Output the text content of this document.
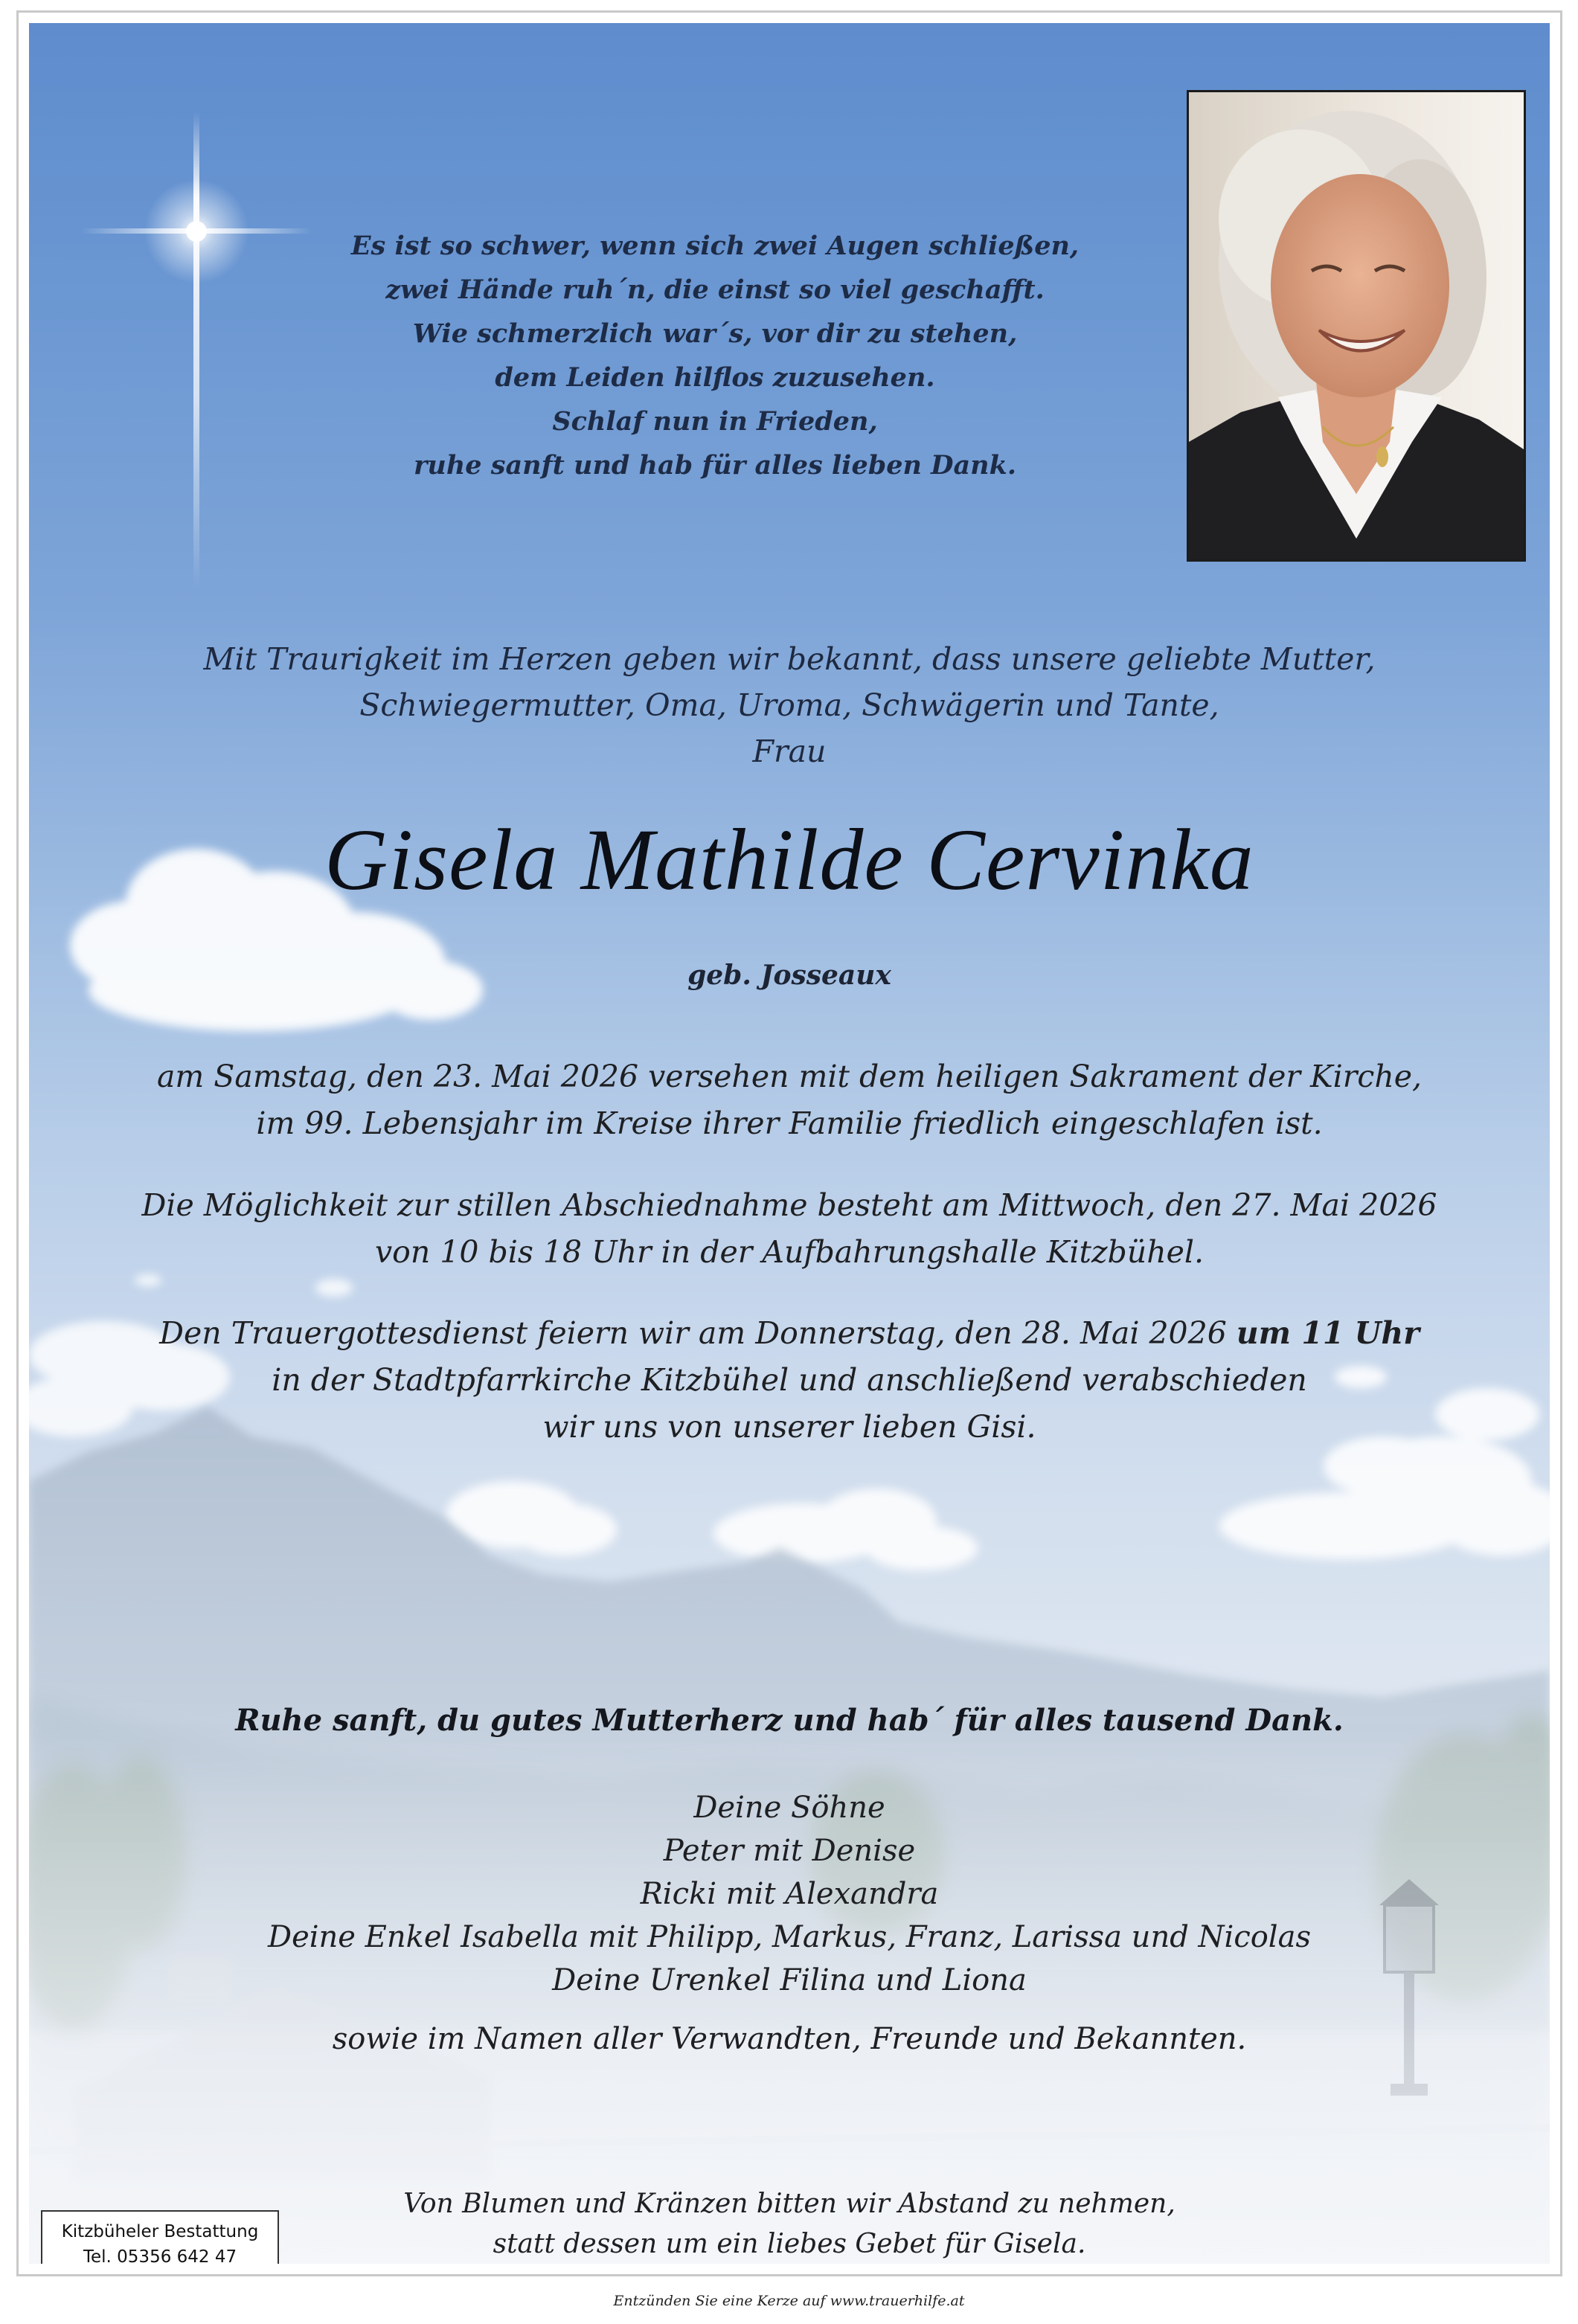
Es ist so schwer, wenn sich zwei Augen schließen,
zwei Hände ruh´n, die einst so viel geschafft.
Wie schmerzlich war´s, vor dir zu stehen,
dem Leiden hilflos zuzusehen.
Schlaf nun in Frieden,
ruhe sanft und hab für alles lieben Dank.
Mit Traurigkeit im Herzen geben wir bekannt, dass unsere geliebte Mutter,
Schwiegermutter, Oma, Uroma, Schwägerin und Tante,
Frau
Gisela Mathilde Cervinka
geb. Josseaux
am Samstag, den 23. Mai 2026 versehen mit dem heiligen Sakrament der Kirche,
im 99. Lebensjahr im Kreise ihrer Familie friedlich eingeschlafen ist.
Die Möglichkeit zur stillen Abschiednahme besteht am Mittwoch, den 27. Mai 2026
von 10 bis 18 Uhr in der Aufbahrungshalle Kitzbühel.
Den Trauergottesdienst feiern wir am Donnerstag, den 28. Mai 2026 um 11 Uhr
in der Stadtpfarrkirche Kitzbühel und anschließend verabschieden
wir uns von unserer lieben Gisi.
Ruhe sanft, du gutes Mutterherz und hab´ für alles tausend Dank.
Deine Söhne
Peter mit Denise
Ricki mit Alexandra
Deine Enkel Isabella mit Philipp, Markus, Franz, Larissa und Nicolas
Deine Urenkel Filina und Liona
sowie im Namen aller Verwandten, Freunde und Bekannten.
Von Blumen und Kränzen bitten wir Abstand zu nehmen,
statt dessen um ein liebes Gebet für Gisela.
Kitzbüheler Bestattung
Tel. 05356 642 47
Entzünden Sie eine Kerze auf www.trauerhilfe.at
